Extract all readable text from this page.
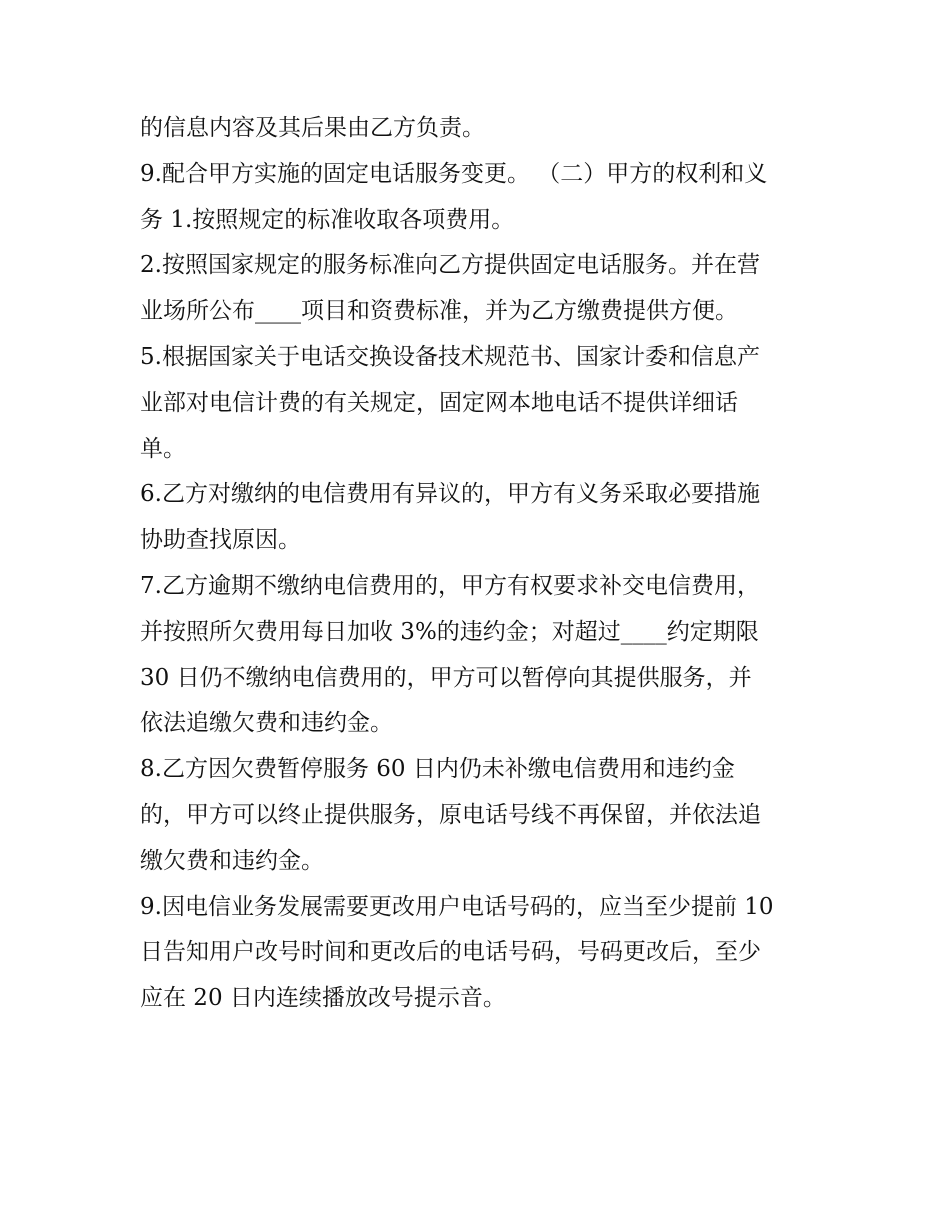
的信息内容及其后果由乙方负责。
9.配合甲方实施的固定电话服务变更。 （二）甲方的权利和义
务 1.按照规定的标准收取各项费用。
2.按照国家规定的服务标准向乙方提供固定电话服务。并在营
业场所公布____项目和资费标准，并为乙方缴费提供方便。
5.根据国家关于电话交换设备技术规范书、国家计委和信息产
业部对电信计费的有关规定，固定网本地电话不提供详细话
单。
6.乙方对缴纳的电信费用有异议的，甲方有义务采取必要措施
协助查找原因。
7.乙方逾期不缴纳电信费用的，甲方有权要求补交电信费用，
并按照所欠费用每日加收 3%的违约金；对超过____约定期限
30 日仍不缴纳电信费用的，甲方可以暂停向其提供服务，并
依法追缴欠费和违约金。
8.乙方因欠费暂停服务 60 日内仍未补缴电信费用和违约金
的，甲方可以终止提供服务，原电话号线不再保留，并依法追
缴欠费和违约金。
9.因电信业务发展需要更改用户电话号码的，应当至少提前 10
日告知用户改号时间和更改后的电话号码，号码更改后，至少
应在 20 日内连续播放改号提示音。
